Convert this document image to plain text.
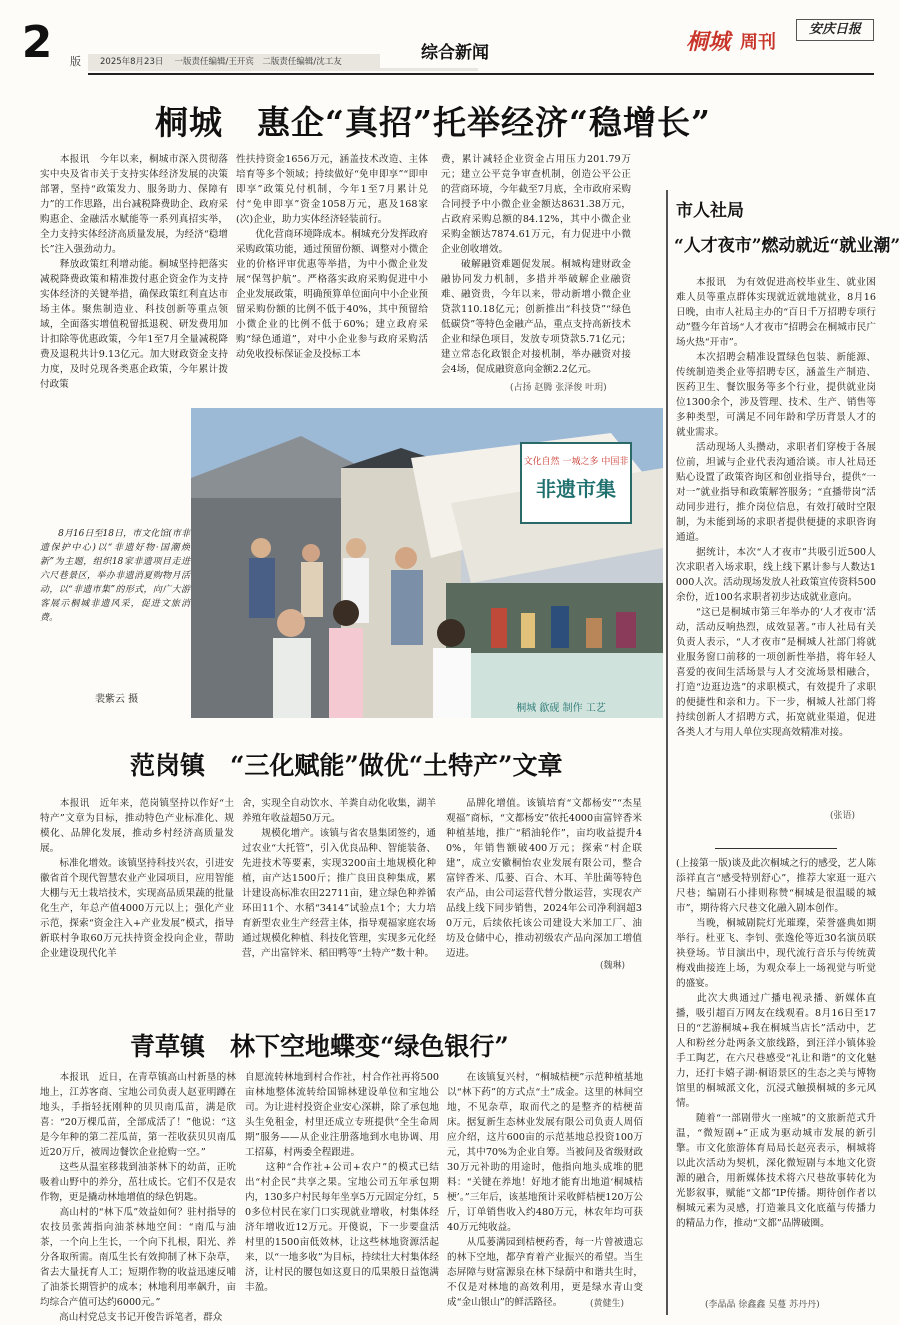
2	版	2025年8月23日　 一版责任编辑/王开宾　二版责任编辑/沈工友	综合新闻	桐城 周刊
安庆日报
桐城　惠企“真招”托举经济“稳增长”
　　本报讯　今年以来，桐城市深入贯彻落实中央及省市关于支持实体经济发展的决策部署，坚持“政策发力、服务助力、保障有力”的工作思路，出台减税降费助企、政府采购惠企、金融活水赋能等一系列真招实举，全力支持实体经济高质量发展，为经济“稳增长”注入强劲动力。
　　释放政策红利增动能。桐城坚持把落实减税降费政策和精准拨付惠企资金作为支持实体经济的关键举措，确保政策红利直达市场主体。聚焦制造业、科技创新等重点领域，全面落实增值税留抵退税、研发费用加计扣除等优惠政策，今年1至7月全量减税降费及退税共计9.13亿元。加大财政资金支持力度，及时兑现各类惠企政策，今年累计拨付政策
性扶持资金1656万元，涵盖技术改造、主体培育等多个领域；持续做好“免申即享”“即申即享”政策兑付机制，今年1至7月累计兑付“免申即享”资金1058万元，惠及168家(次)企业，助力实体经济轻装前行。
　　优化营商环境降成本。桐城充分发挥政府采购政策功能，通过预留份额、调整对小微企业的价格评审优惠等举措，为中小微企业发展“保驾护航”。严格落实政府采购促进中小企业发展政策，明确预算单位面向中小企业预留采购份额的比例不低于40%，其中预留给小微企业的比例不低于60%；建立政府采购“绿色通道”，对中小企业参与政府采购活动免收投标保证金及投标工本
费，累计减轻企业资金占用压力201.79万元；建立公平竞争审查机制，创造公平公正的营商环境，今年截至7月底，全市政府采购合同授予中小微企业金额达8631.38万元，占政府采购总额的84.12%，其中小微企业采购金额达7874.61万元，有力促进中小微企业创收增效。
　　破解融资难题促发展。桐城构建财政金融协同发力机制，多措并举破解企业融资难、融资贵，今年以来，带动新增小微企业贷款110.18亿元；创新推出“科技贷”“绿色低碳贷”等特色金融产品，重点支持高新技术企业和绿色项目，发放专项贷款5.71亿元；建立常态化政银企对接机制，举办融资对接会4场，促成融资意向金额2.2亿元。
(占扬 赵腾 张泽俊 叶玥)
文化自然 一城之多 中国非
非遗市集
桐城 歙砚 制作 工艺
　　8月16日至18日，市文化馆(市非遗保护中心)以“非遗好物·国潮焕新”为主题，组织18家非遗项目走进六尺巷景区，举办非遗消夏购物月活动，以“非遗市集”的形式，向广大游客展示桐城非遗风采，促进文旅消费。
裴紫云 摄
范岗镇　“三化赋能”做优“土特产”文章
　　本报讯　近年来，范岗镇坚持以作好“土特产”文章为目标，推动特色产业标准化、规模化、品牌化发展，推动乡村经济高质量发展。
　　标准化增效。该镇坚持科技兴农，引进安徽省首个现代智慧农业产业园项目，应用智能大棚与无土栽培技术，实现高品质果蔬的批量化生产，年总产值4000万元以上；强化产业示范，探索“资金注入+产业发展”模式，指导新联村争取60万元扶持资金投向企业，帮助企业建设现代化羊
舍，实现全自动饮水、羊粪自动化收集，湖羊养殖年收益超50万元。
　　规模化增产。该镇与省农垦集团签约，通过农业“大托管”，引入优良品种、智能装备、先进技术等要素，实现3200亩土地规模化种植，亩产达1500斤；推广良田良种集成，累计建设高标准农田22711亩，建立绿色种养循环田11个、水稻“3414”试验点1个；大力培育新型农业生产经营主体，指导观福家庭农场通过规模化种植、科技化管理，实现多元化经营，产出富锌米、稻田鸭等“土特产”数十种。
　　品牌化增值。该镇培育“文都杨安”“杰星观福”商标，“文都杨安”依托4000亩富锌香米种植基地，推广“稻油轮作”，亩均收益提升40%，年销售额破400万元；探索“村企联建”，成立安徽桐怡农业发展有限公司，整合富锌香米、瓜蒌、百合、木耳、羊肚菌等特色农产品，由公司运营代替分散运营，实现农产品线上线下同步销售，2024年公司净利润超30万元，后续依托该公司建设大米加工厂、油坊及仓储中心，推动初级农产品向深加工增值迈进。
(魏琳)
青草镇　林下空地蝶变“绿色银行”
　　本报讯　近日，在青草镇高山村新垦的林地上，江苏客商、宝地公司负责人赵亚明蹲在地头，手指轻抚刚种的贝贝南瓜苗，满是欣喜：“20万棵瓜苗，全部成活了！”他说：“这是今年种的第二茬瓜苗，第一茬收获贝贝南瓜近20万斤，被周边餐饮企业抢购一空。”
　　这些从温室移栽到油茶林下的幼苗，正吮吸着山野中的养分，茁壮成长。它们不仅是农作物，更是撬动林地增值的绿色钥匙。
　　高山村的“林下瓜”效益如何？驻村指导的农技员张茜指向油茶林地空间：“南瓜与油茶，一个向上生长，一个向下扎根，阳光、养分各取所需。南瓜生长有效抑制了林下杂草，省去大量抚育人工；短期作物的收益迅速反哺了油茶长期管护的成本；林地利用率飙升，亩均综合产值可达约6000元。”
　　高山村党总支书记开俊告诉笔者，群众
自愿流转林地到村合作社，村合作社再将500亩林地整体流转给国锦林建设单位和宝地公司。为让进村投资企业安心深耕，除了承包地头生免租金，村里还成立专班提供“全生命周期”服务——从企业注册落地到水电协调、用工招募，村两委全程跟进。
　　这种“合作社+公司+农户”的模式已结出“村企民”共享之果。宝地公司五年承包期内，130多户村民每年坐享5万元固定分红，50多位村民在家门口实现就业增收，村集体经济年增收近12万元。开傻说，下一步要盘活村里的1500亩低效林，让这些林地资源活起来，以“一地多收”为目标，持续壮大村集体经济，让村民的腰包如这夏日的瓜果般日益饱满丰盈。
　　在该镇复兴村，“桐城桔梗”示范种植基地以“林下药”的方式点“土”成金。这里的林间空地，不见杂草，取而代之的是整齐的桔梗苗床。据复新生态林业发展有限公司负责人周佰应介绍，这片600亩的示范基地总投资100万元，其中70%为企业自筹。当被问及省级财政30万元补助的用途时，他指向地头成堆的肥料：“关键在养地！好地才能育出地道‘桐城桔梗’。”三年后，该基地预计采收鲜桔梗120万公斤，订单销售收入约480万元，林农年均可获40万元纯收益。
　　从瓜蒌满园到桔梗药香，每一片曾被遗忘的林下空地，都孕育着产业振兴的希望。当生态屏障与财富源泉在林下绿荫中和谐共生时，不仅是对林地的高效利用，更是绿水青山变成“金山银山”的鲜活路径。	(黄健生)
市人社局
“人才夜市”燃动就近“就业潮”
　　本报讯　为有效促进高校毕业生、就业困难人员等重点群体实现就近就地就业，8月16日晚，由市人社局主办的“百日千万招聘专项行动”暨今年首场“人才夜市”招聘会在桐城市民广场火热“开市”。
　　本次招聘会精准设置绿色包装、新能源、传统制造类企业等招聘专区，涵盖生产制造、医药卫生、餐饮服务等多个行业，提供就业岗位1300余个，涉及管理、技术、生产、销售等多种类型，可满足不同年龄和学历背景人才的就业需求。
　　活动现场人头攒动，求职者们穿梭于各展位前，坦诚与企业代表沟通洽谈。市人社局还贴心设置了政策咨询区和创业指导台，提供“一对一”就业指导和政策解答服务；“直播带岗”活动同步进行，推介岗位信息，有效打破时空限制，为未能到场的求职者提供便捷的求职咨询通道。
　　据统计，本次“人才夜市”共吸引近500人次求职者入场求职，线上线下累计参与人数达1000人次。活动现场发放人社政策宣传资料500余份，近100名求职者初步达成就业意向。
　　“这已是桐城市第三年举办的‘人才夜市’活动，活动反响热烈，成效显著。”市人社局有关负责人表示，“人才夜市”是桐城人社部门将就业服务窗口前移的一项创新性举措，将年轻人喜爱的夜间生活场景与人才交流场景相融合，打造“边逛边选”的求职模式，有效提升了求职的便捷性和亲和力。下一步，桐城人社部门将持续创新人才招聘方式，拓宽就业渠道，促进各类人才与用人单位实现高效精准对接。
(张语)
(上接第一版)谈及此次桐城之行的感受，艺人陈添祥直言“感受特别舒心”，推荐大家逛一逛六尺巷；编剧石小排则称赞“桐城是很温暖的城市”，期待将六尺巷文化融入剧本创作。
　　当晚，桐城剧院灯光璀璨，荣誉盛典如期举行。杜亚飞、李钊、张逸伦等近30名演员联袂登场。节目演出中，现代流行音乐与传统黄梅戏曲接连上场，为观众奉上一场视觉与听觉的盛宴。
　　此次大典通过广播电视录播、新媒体直播，吸引超百万网友在线观看。8月16日至17日的“艺游桐城+我在桐城当店长”活动中，艺人和粉丝分赴两条文旅线路，到汪洋小镇体验手工陶艺，在六尺巷感受“礼让和谐”的文化魅力，还打卡嬉子湖·桐语景区的生态之美与博物馆里的桐城派文化，沉浸式触摸桐城的多元风情。
　　随着“一部剧带火一座城”的文旅新范式升温，“微短剧+”正成为驱动城市发展的新引擎。市文化旅游体育局局长赵亮表示，桐城将以此次活动为契机，深化微短剧与本地文化资源的融合，用新媒体技术将六尺巷故事转化为光影叙事，赋能“文都”IP传播。期待创作者以桐城元素为灵感，打造兼具文化底蕴与传播力的精品力作，推动“文都”品牌破圈。
(李晶晶 徐鑫鑫 吴蔓 苏丹丹)
